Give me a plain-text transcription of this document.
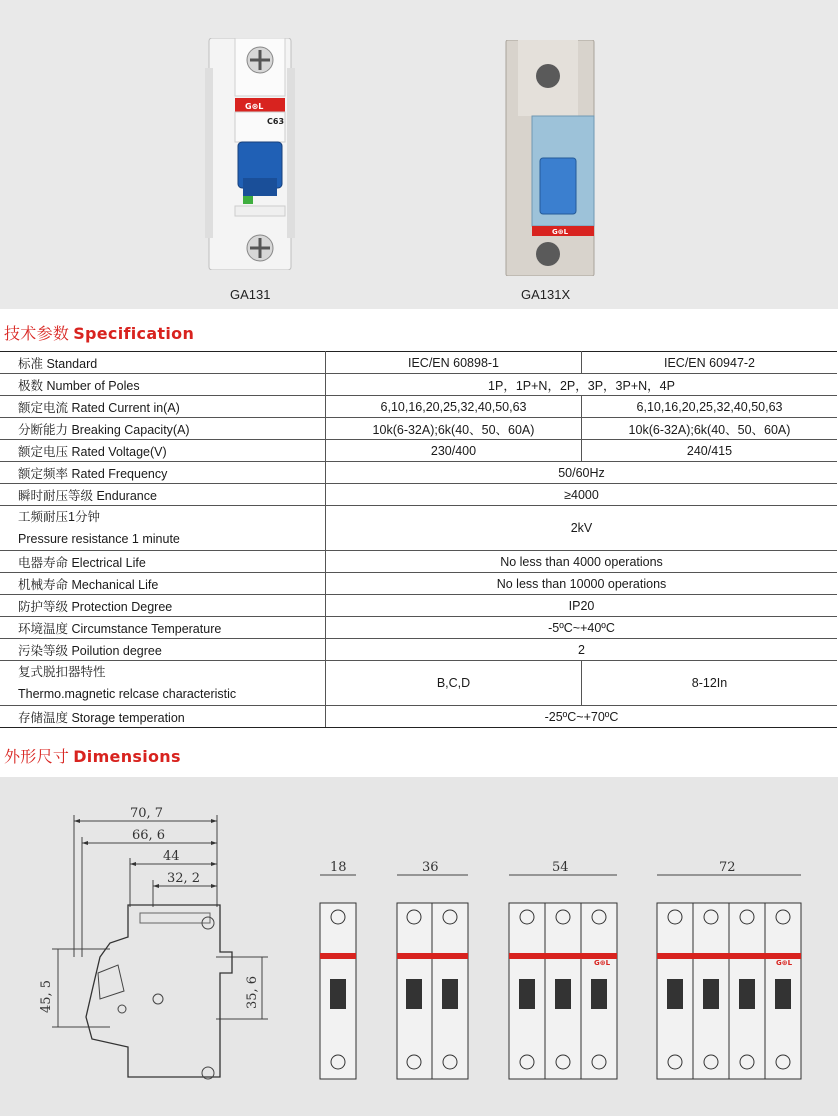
G⊛L
C63
GA131
G⊛L
GA131X
技术参数 Specification
标准 Standard	IEC/EN 60898-1	IEC/EN 60947-2
极数 Number of Poles	1P，1P+N，2P，3P，3P+N，4P	
额定电流 Rated Current in(A)	6,10,16,20,25,32,40,50,63	6,10,16,20,25,32,40,50,63
分断能力 Breaking Capacity(A)	10k(6-32A);6k(40、50、60A)	10k(6-32A);6k(40、50、60A)
额定电压 Rated Voltage(V)	230/400	240/415
额定频率 Rated Frequency	50/60Hz	
瞬时耐压等级 Endurance	≥4000	

工频耐压1分钟
Pressure resistance 1 minute	2kV	
电器寿命 Electrical Life	No less than 4000 operations	
机械寿命 Mechanical Life	No less than 10000 operations	
防护等级 Protection Degree	IP20	
环境温度 Circumstance Temperature	-5ºC~+40ºC	
污染等级 Poilution degree	2	

复式脱扣器特性
Thermo.magnetic relcase characteristic	B,C,D	8-12In
存储温度 Storage temperation	-25ºC~+70ºC	
外形尺寸 Dimensions
70, 7
66, 6
44
32, 2
45, 5	35, 6
18	36	54
G⊛L
72
G⊛L
